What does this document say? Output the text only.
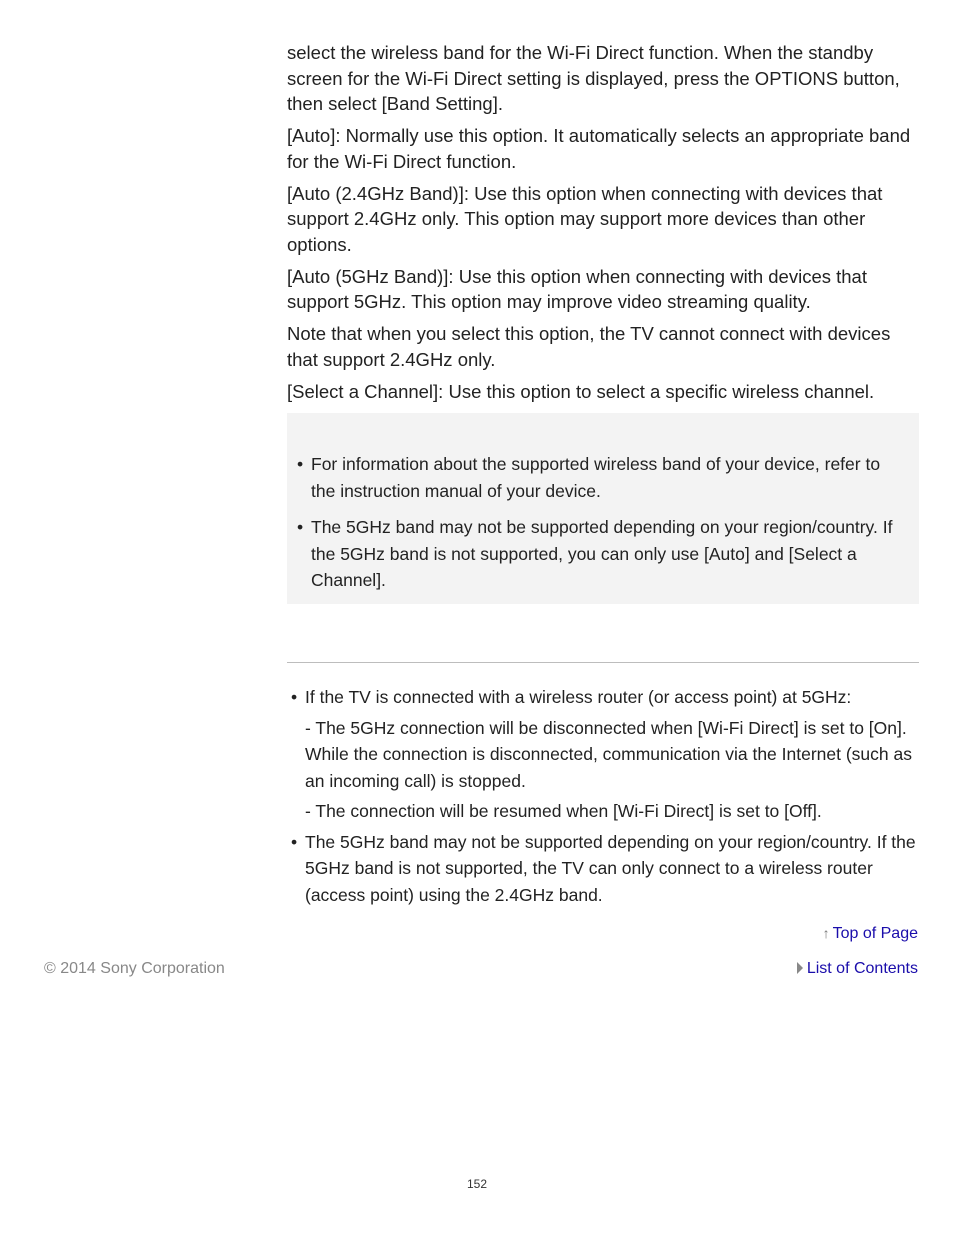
select the wireless band for the Wi-Fi Direct function. When the standby screen for the Wi-Fi Direct setting is displayed, press the OPTIONS button, then select [Band Setting].

[Auto]: Normally use this option. It automatically selects an appropriate band for the Wi-Fi Direct function.

[Auto (2.4GHz Band)]: Use this option when connecting with devices that support 2.4GHz only. This option may support more devices than other options.

[Auto (5GHz Band)]: Use this option when connecting with devices that support 5GHz. This option may improve video streaming quality.

Note that when you select this option, the TV cannot connect with devices that support 2.4GHz only.

[Select a Channel]: Use this option to select a specific wireless channel.

• For information about the supported wireless band of your device, refer to the instruction manual of your device.
• The 5GHz band may not be supported depending on your region/country. If the 5GHz band is not supported, you can only use [Auto] and [Select a Channel].
• If the TV is connected with a wireless router (or access point) at 5GHz:
- The 5GHz connection will be disconnected when [Wi-Fi Direct] is set to [On]. While the connection is disconnected, communication via the Internet (such as an incoming call) is stopped.
- The connection will be resumed when [Wi-Fi Direct] is set to [Off].
• The 5GHz band may not be supported depending on your region/country. If the 5GHz band is not supported, the TV can only connect to a wireless router (access point) using the 2.4GHz band.
↑ Top of Page
© 2014 Sony Corporation	List of Contents
152
